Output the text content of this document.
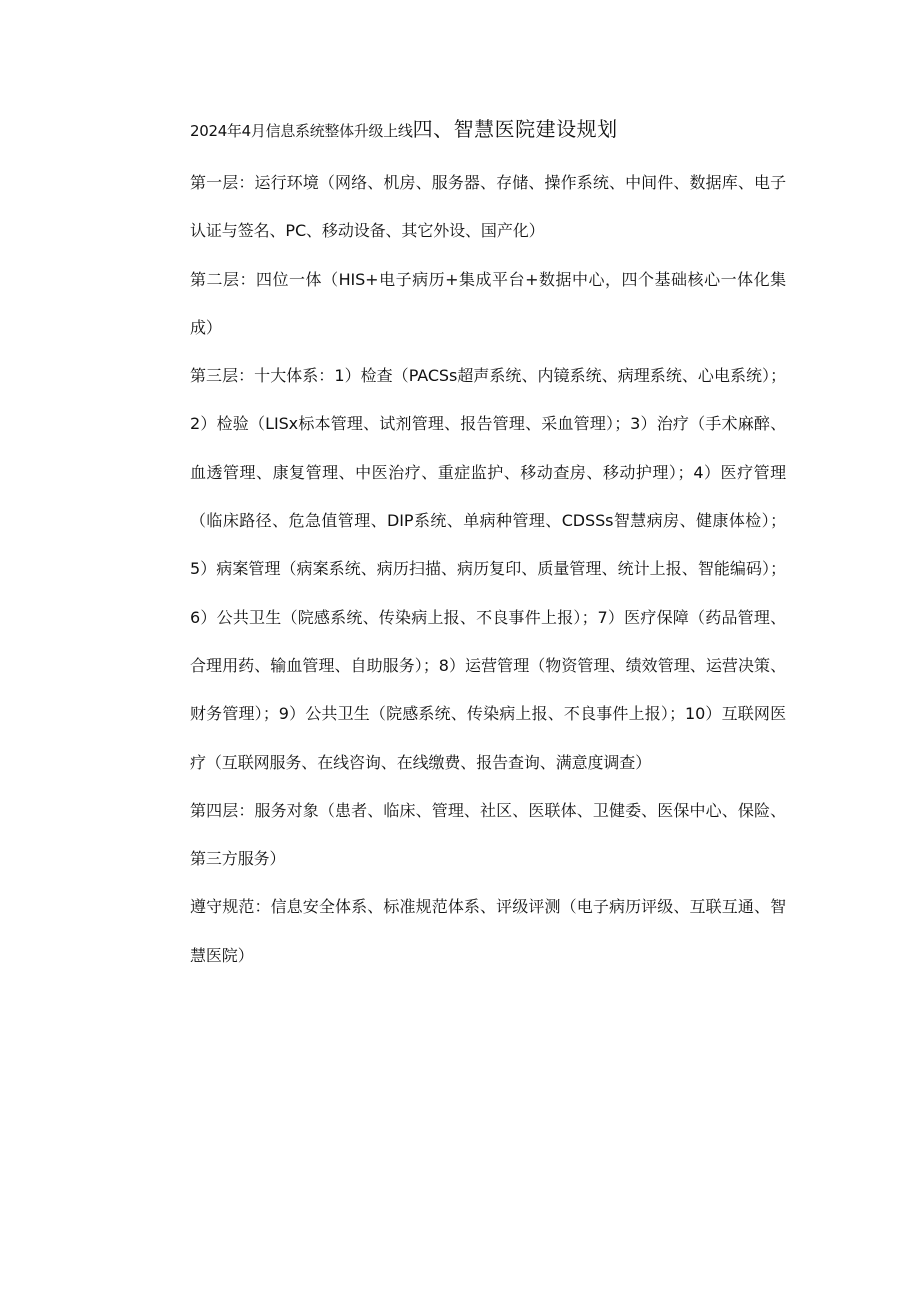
2024年4月信息系统整体升级上线四、智慧医院建设规划

第一层：运行环境（网络、机房、服务器、存储、操作系统、中间件、数据库、电子认证与签名、PC、移动设备、其它外设、国产化）

第二层：四位一体（HIS+电子病历+集成平台+数据中心，四个基础核心一体化集成）

第三层：十大体系：1）检查（PACSs超声系统、内镜系统、病理系统、心电系统）；2）检验（LISx标本管理、试剂管理、报告管理、采血管理）；3）治疗（手术麻醉、血透管理、康复管理、中医治疗、重症监护、移动查房、移动护理）；4）医疗管理（临床路径、危急值管理、DIP系统、单病种管理、CDSSs智慧病房、健康体检）；5）病案管理（病案系统、病历扫描、病历复印、质量管理、统计上报、智能编码）；6）公共卫生（院感系统、传染病上报、不良事件上报）；7）医疗保障（药品管理、合理用药、输血管理、自助服务）；8）运营管理（物资管理、绩效管理、运营决策、财务管理）；9）公共卫生（院感系统、传染病上报、不良事件上报）；10）互联网医疗（互联网服务、在线咨询、在线缴费、报告查询、满意度调查）

第四层：服务对象（患者、临床、管理、社区、医联体、卫健委、医保中心、保险、第三方服务）

遵守规范：信息安全体系、标准规范体系、评级评测（电子病历评级、互联互通、智慧医院）
